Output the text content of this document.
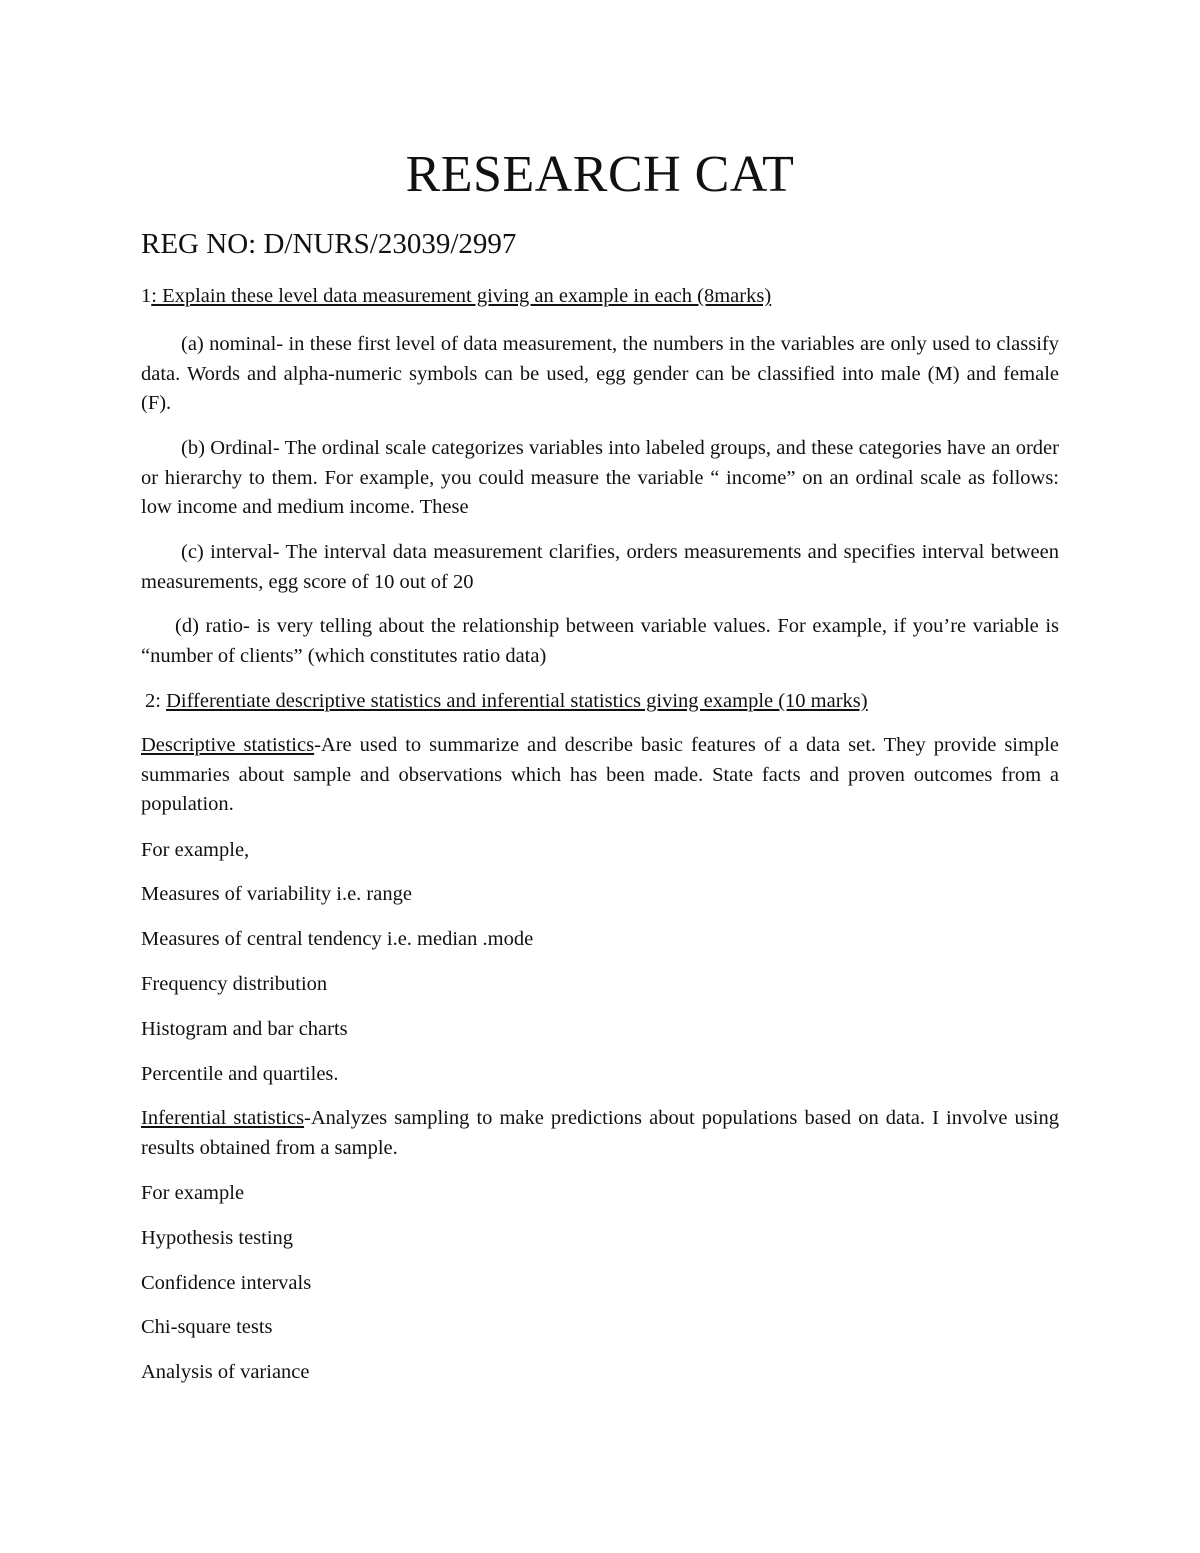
RESEARCH CAT
REG NO: D/NURS/23039/2997
1: Explain these level data measurement giving an example in each (8marks)
(a) nominal- in these first level of data measurement, the numbers in the variables are only used to classify data. Words and alpha-numeric symbols can be used, egg gender can be classified into male (M) and female (F).
(b) Ordinal- The ordinal scale categorizes variables into labeled groups, and these categories have an order or hierarchy to them. For example, you could measure the variable “ income” on an ordinal scale as follows: low income and medium income. These
(c) interval- The interval data measurement clarifies, orders measurements and specifies interval between measurements, egg score of 10 out of 20
(d) ratio- is very telling about the relationship between variable values. For example, if you’re variable is “number of clients” (which constitutes ratio data)
2: Differentiate descriptive statistics and inferential statistics giving example (10 marks)
Descriptive statistics-Are used to summarize and describe basic features of a data set. They provide simple summaries about sample and observations which has been made. State facts and proven outcomes from a population.
For example,
Measures of variability i.e. range
Measures of central tendency i.e. median .mode
Frequency distribution
Histogram and bar charts
Percentile and quartiles.
Inferential statistics-Analyzes sampling to make predictions about populations based on data. I involve using results obtained from a sample.
For example
Hypothesis testing
Confidence intervals
Chi-square tests
Analysis of variance
